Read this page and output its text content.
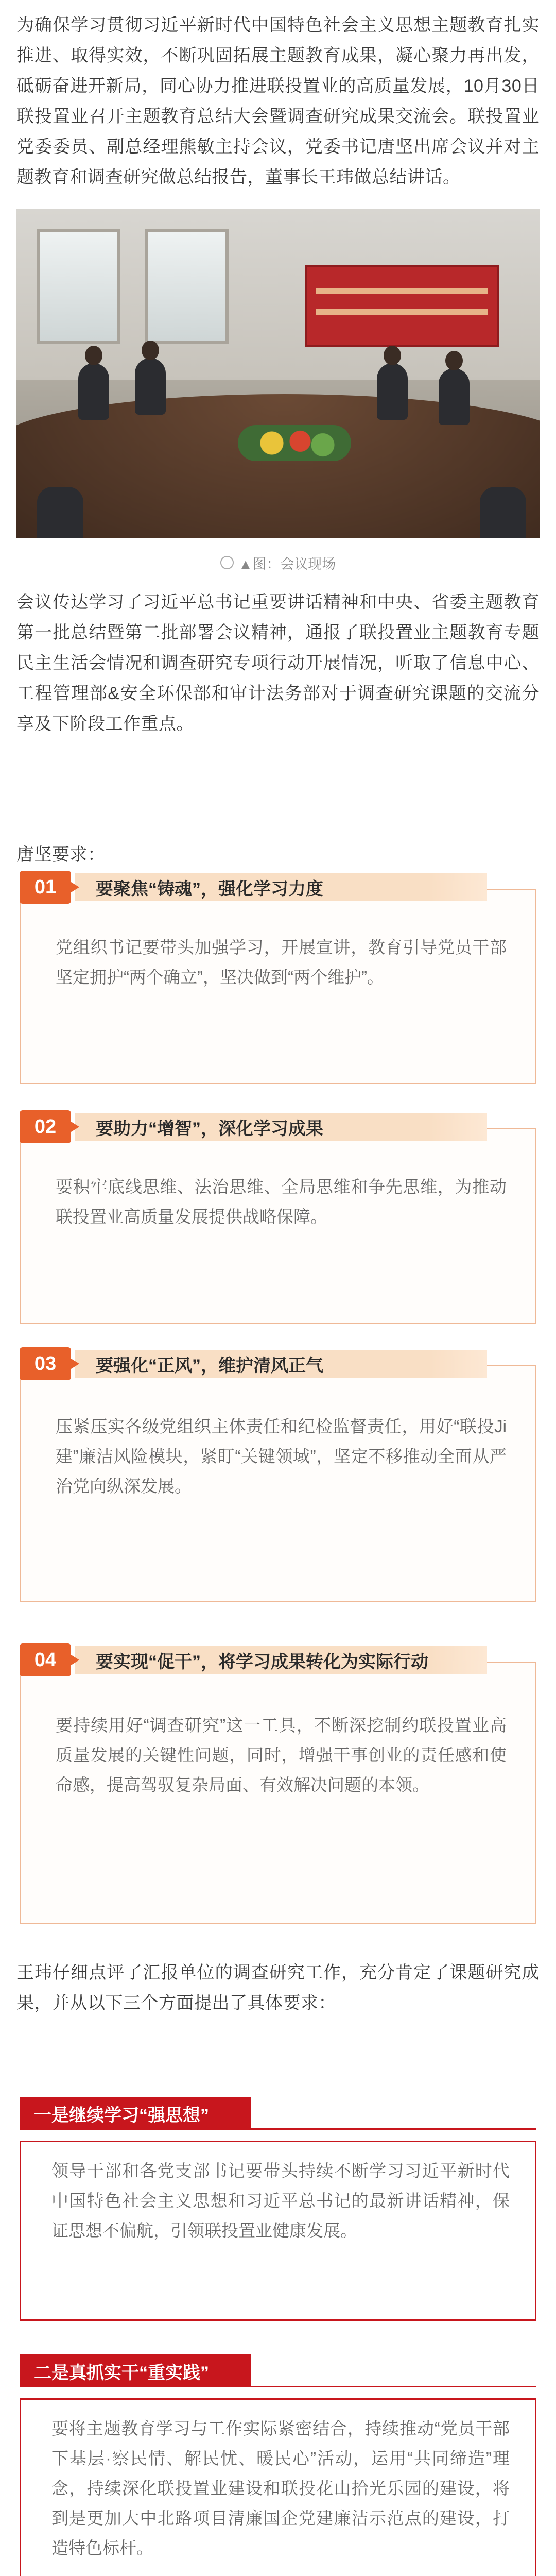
为确保学习贯彻习近平新时代中国特色社会主义思想主题教育扎实推进、取得实效，不断巩固拓展主题教育成果，凝心聚力再出发，砥砺奋进开新局，同心协力推进联投置业的高质量发展，10月30日联投置业召开主题教育总结大会暨调查研究成果交流会。联投置业党委委员、副总经理熊敏主持会议，党委书记唐坚出席会议并对主题教育和调查研究做总结报告，董事长王玮做总结讲话。
▲图：会议现场
会议传达学习了习近平总书记重要讲话精神和中央、省委主题教育第一批总结暨第二批部署会议精神，通报了联投置业主题教育专题民主生活会情况和调查研究专项行动开展情况，听取了信息中心、工程管理部&安全环保部和审计法务部对于调查研究课题的交流分享及下阶段工作重点。
唐坚要求：
01	要聚焦“铸魂”，强化学习力度
党组织书记要带头加强学习，开展宣讲，教育引导党员干部坚定拥护“两个确立”，坚决做到“两个维护”。
02	要助力“增智”，深化学习成果
要积牢底线思维、法治思维、全局思维和争先思维，为推动联投置业高质量发展提供战略保障。
03	要强化“正风”，维护清风正气
压紧压实各级党组织主体责任和纪检监督责任，用好“联投Ji建”廉洁风险模块，紧盯“关键领域”，坚定不移推动全面从严治党向纵深发展。
04	要实现“促干”，将学习成果转化为实际行动
要持续用好“调查研究”这一工具，不断深挖制约联投置业高质量发展的关键性问题，同时，增强干事创业的责任感和使命感，提高驾驭复杂局面、有效解决问题的本领。
王玮仔细点评了汇报单位的调查研究工作，充分肯定了课题研究成果，并从以下三个方面提出了具体要求：
一是继续学习“强思想”
领导干部和各党支部书记要带头持续不断学习习近平新时代中国特色社会主义思想和习近平总书记的最新讲话精神，保证思想不偏航，引领联投置业健康发展。
二是真抓实干“重实践”
要将主题教育学习与工作实际紧密结合，持续推动“党员干部下基层·察民情、解民忧、暖民心”活动，运用“共同缔造”理念，持续深化联投置业建设和联投花山拾光乐园的建设，将到是更加大中北路项目清廉国企党建廉洁示范点的建设，打造特色标杆。
